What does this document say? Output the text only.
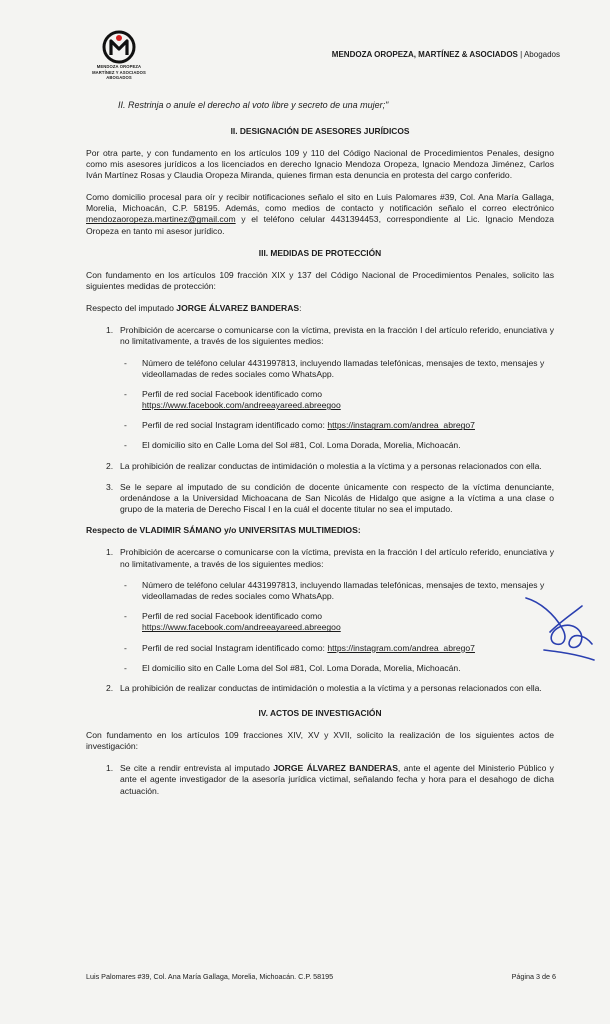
MENDOZA OROPEZA
MARTÍNEZ Y ASOCIADOS
ABOGADOS
MENDOZA OROPEZA, MARTÍNEZ & ASOCIADOS | Abogados
II. Restrinja o anule el derecho al voto libre y secreto de una mujer;"
II. DESIGNACIÓN DE ASESORES JURÍDICOS

Por otra parte, y con fundamento en los artículos 109 y 110 del Código Nacional de Procedimientos Penales, designo como mis asesores jurídicos a los licenciados en derecho Ignacio Mendoza Oropeza, Ignacio Mendoza Jiménez, Carlos Iván Martínez Rosas y Claudia Oropeza Miranda, quienes firman esta denuncia en protesta del cargo conferido.

Como domicilio procesal para oír y recibir notificaciones señalo el sito en Luis Palomares #39, Col. Ana María Gallaga, Morelia, Michoacán, C.P. 58195. Además, como medios de contacto y notificación señalo el correo electrónico mendozaoropeza.martinez@gmail.com y el teléfono celular 4431394453, correspondiente al Lic. Ignacio Mendoza Oropeza en tanto mi asesor jurídico.

III. MEDIDAS DE PROTECCIÓN

Con fundamento en los artículos 109 fracción XIX y 137 del Código Nacional de Procedimientos Penales, solicito las siguientes medidas de protección:

Respecto del imputado JORGE ÁLVAREZ BANDERAS:

1. Prohibición de acercarse o comunicarse con la víctima, prevista en la fracción I del artículo referido, enunciativa y no limitativamente, a través de los siguientes medios:
-	Número de teléfono celular 4431997813, incluyendo llamadas telefónicas, mensajes de texto, mensajes y videollamadas de redes sociales como WhatsApp.
-	Perfil de red social Facebook identificado como
https://www.facebook.com/andreeayareed.abreegoo
-	Perfil de red social Instagram identificado como: https://instagram.com/andrea_abrego7
-	El domicilio sito en Calle Loma del Sol #81, Col. Loma Dorada, Morelia, Michoacán.
2. La prohibición de realizar conductas de intimidación o molestia a la víctima y a personas relacionados con ella.
3. Se le separe al imputado de su condición de docente únicamente con respecto de la víctima denunciante, ordenándose a la Universidad Michoacana de San Nicolás de Hidalgo que asigne a la víctima a una clase o grupo de la materia de Derecho Fiscal I en la cuál el docente titular no sea el imputado.

Respecto de VLADIMIR SÁMANO y/o UNIVERSITAS MULTIMEDIOS:

1. Prohibición de acercarse o comunicarse con la víctima, prevista en la fracción I del artículo referido, enunciativa y no limitativamente, a través de los siguientes medios:
-	Número de teléfono celular 4431997813, incluyendo llamadas telefónicas, mensajes de texto, mensajes y videollamadas de redes sociales como WhatsApp.
-	Perfil de red social Facebook identificado como
https://www.facebook.com/andreeayareed.abreegoo
-	Perfil de red social Instagram identificado como: https://instagram.com/andrea_abrego7
-	El domicilio sito en Calle Loma del Sol #81, Col. Loma Dorada, Morelia, Michoacán.
2. La prohibición de realizar conductas de intimidación o molestia a la víctima y a personas relacionados con ella.
IV. ACTOS DE INVESTIGACIÓN

Con fundamento en los artículos 109 fracciones XIV, XV y XVII, solicito la realización de los siguientes actos de investigación:

1. Se cite a rendir entrevista al imputado JORGE ÁLVAREZ BANDERAS, ante el agente del Ministerio Público y ante el agente investigador de la asesoría jurídica victimal, señalando fecha y hora para el desahogo de dicha actuación.
Luis Palomares #39, Col. Ana María Gallaga, Morelia, Michoacán. C.P. 58195	Página 3 de 6
